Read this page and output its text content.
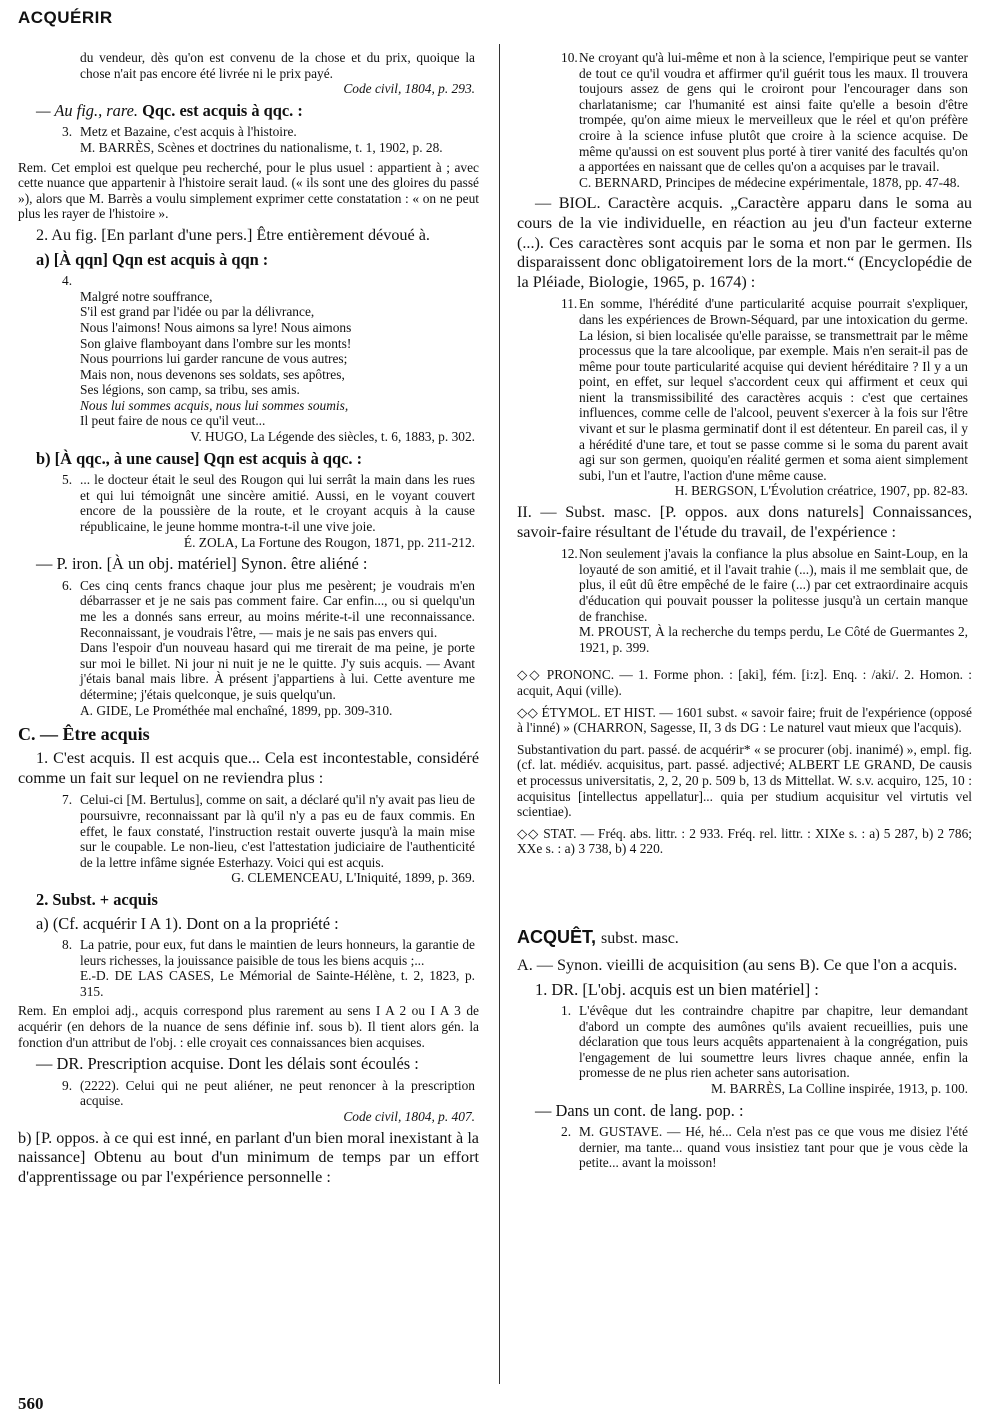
ACQUÉRIR
du vendeur, dès qu'on est convenu de la chose et du prix, quoique la chose n'ait pas encore été livrée ni le prix payé.
Code civil, 1804, p. 293.
— Au fig., rare. Qqc. est acquis à qqc. :
3. Metz et Bazaine, c'est acquis à l'histoire.
M. BARRÈS, Scènes et doctrines du nationalisme, t. 1, 1902, p. 28.
Rem. Cet emploi est quelque peu recherché, pour le plus usuel : appartient à ; avec cette nuance que appartenir à l'histoire serait laud. (« ils sont une des gloires du passé »), alors que M. Barrès a voulu simplement exprimer cette constatation : « on ne peut plus les rayer de l'histoire ».
2. Au fig. [En parlant d'une pers.] Être entièrement dévoué à.
a) [À qqn] Qqn est acquis à qqn :
4.
Malgré notre souffrance,
S'il est grand par l'idée ou par la délivrance,
Nous l'aimons! Nous aimons sa lyre! Nous aimons
Son glaive flamboyant dans l'ombre sur les monts!
Nous pourrions lui garder rancune de vous autres;
Mais non, nous devenons ses soldats, ses apôtres,
Ses légions, son camp, sa tribu, ses amis.
Nous lui sommes acquis, nous lui sommes soumis,
Il peut faire de nous ce qu'il veut...
V. HUGO, La Légende des siècles, t. 6, 1883, p. 302.
b) [À qqc., à une cause] Qqn est acquis à qqc. :
5. ... le docteur était le seul des Rougon qui lui serrât la main dans les rues et qui lui témoignât une sincère amitié. Aussi, en le voyant couvert encore de la poussière de la route, et le croyant acquis à la cause républicaine, le jeune homme montra-t-il une vive joie.
É. ZOLA, La Fortune des Rougon, 1871, pp. 211-212.
— P. iron. [À un obj. matériel] Synon. être aliéné :
6. Ces cinq cents francs chaque jour plus me pesèrent; je voudrais m'en débarrasser et je ne sais pas comment faire. Car enfin..., ou si quelqu'un me les a donnés sans erreur, au moins mérite-t-il une reconnaissance. Reconnaissant, je voudrais l'être, — mais je ne sais pas envers qui.
Dans l'espoir d'un nouveau hasard qui me tirerait de ma peine, je porte sur moi le billet. Ni jour ni nuit je ne le quitte. J'y suis acquis. — Avant j'étais banal mais libre. À présent j'appartiens à lui. Cette aventure me détermine; j'étais quelconque, je suis quelqu'un.
A. GIDE, Le Prométhée mal enchaîné, 1899, pp. 309-310.
C. — Être acquis
1. C'est acquis. Il est acquis que... Cela est incontestable, considéré comme un fait sur lequel on ne reviendra plus :
7. Celui-ci [M. Bertulus], comme on sait, a déclaré qu'il n'y avait pas lieu de poursuivre, reconnaissant par là qu'il n'y a pas eu de faux commis. En effet, le faux constaté, l'instruction restait ouverte jusqu'à la main mise sur le coupable. Le non-lieu, c'est l'attestation judiciaire de l'authenticité de la lettre infâme signée Esterhazy. Voici qui est acquis.
G. CLEMENCEAU, L'Iniquité, 1899, p. 369.
2. Subst. + acquis
a) (Cf. acquérir I A 1). Dont on a la propriété :
8. La patrie, pour eux, fut dans le maintien de leurs honneurs, la garantie de leurs richesses, la jouissance paisible de tous les biens acquis ;...
E.-D. DE LAS CASES, Le Mémorial de Sainte-Hélène, t. 2, 1823, p. 315.
Rem. En emploi adj., acquis correspond plus rarement au sens I A 2 ou I A 3 de acquérir (en dehors de la nuance de sens définie inf. sous b). Il tient alors gén. la fonction d'un attribut de l'obj. : elle croyait ces connaissances bien acquises.
— DR. Prescription acquise. Dont les délais sont écoulés :
9. (2222). Celui qui ne peut aliéner, ne peut renoncer à la prescription acquise.
Code civil, 1804, p. 407.
b) [P. oppos. à ce qui est inné, en parlant d'un bien moral inexistant à la naissance] Obtenu au bout d'un minimum de temps par un effort d'apprentissage ou par l'expérience personnelle :
10.Ne croyant qu'à lui-même et non à la science, l'empirique peut se vanter de tout ce qu'il voudra et affirmer qu'il guérit tous les maux. Il trouvera toujours assez de gens qui le croiront pour l'encourager dans son charlatanisme; car l'humanité est ainsi faite qu'elle a besoin d'être trompée, qu'on aime mieux le merveilleux que le réel et qu'on préfère croire à la science infuse plutôt que croire à la science acquise. De même qu'aussi on est souvent plus porté à tirer vanité des facultés qu'on a apportées en naissant que de celles qu'on a acquises par le travail.
C. BERNARD, Principes de médecine expérimentale, 1878, pp. 47-48.
— BIOL. Caractère acquis. „Caractère apparu dans le soma au cours de la vie individuelle, en réaction au jeu d'un facteur externe (...). Ces caractères sont acquis par le soma et non par le germen. Ils disparaissent donc obligatoirement lors de la mort.“ (Encyclopédie de la Pléiade, Biologie, 1965, p. 1674) :
11. En somme, l'hérédité d'une particularité acquise pourrait s'expliquer, dans les expériences de Brown-Séquard, par une intoxication du germe. La lésion, si bien localisée qu'elle paraisse, se transmettrait par le même processus que la tare alcoolique, par exemple. Mais n'en serait-il pas de même pour toute particularité acquise qui devient héréditaire ? Il y a un point, en effet, sur lequel s'accordent ceux qui affirment et ceux qui nient la transmissibilité des caractères acquis : c'est que certaines influences, comme celle de l'alcool, peuvent s'exercer à la fois sur l'être vivant et sur le plasma germinatif dont il est détenteur. En pareil cas, il y a hérédité d'une tare, et tout se passe comme si le soma du parent avait agi sur son germen, quoiqu'en réalité germen et soma aient simplement subi, l'un et l'autre, l'action d'une même cause.
H. BERGSON, L'Évolution créatrice, 1907, pp. 82-83.
II. — Subst. masc. [P. oppos. aux dons naturels] Connaissances, savoir-faire résultant de l'étude du travail, de l'expérience :
12.Non seulement j'avais la confiance la plus absolue en Saint-Loup, en la loyauté de son amitié, et il l'avait trahie (...), mais il me semblait que, de plus, il eût dû être empêché de le faire (...) par cet extraordinaire acquis d'éducation qui pouvait pousser la politesse jusqu'à un certain manque de franchise.
M. PROUST, À la recherche du temps perdu, Le Côté de Guermantes 2, 1921, p. 399.
◇◇ PRONONC. — 1. Forme phon. : [aki], fém. [i:z]. Enq. : /aki/. 2. Homon. : acquit, Aqui (ville).
◇◇ ÉTYMOL. ET HIST. — 1601 subst. « savoir faire; fruit de l'expérience (opposé à l'inné) » (CHARRON, Sagesse, II, 3 ds DG : Le naturel vaut mieux que l'acquis).
Substantivation du part. passé. de acquérir* « se procurer (obj. inanimé) », empl. fig. (cf. lat. médiév. acquisitus, part. passé. adjectivé; ALBERT LE GRAND, De causis et processus universitatis, 2, 2, 20 p. 509 b, 13 ds Mittellat. W. s.v. acquiro, 125, 10 : acquisitus [intellectus appellatur]... quia per studium acquisitur vel virtutis vel scientiae).
◇◇ STAT. — Fréq. abs. littr. : 2 933. Fréq. rel. littr. : XIXe s. : a) 5 287, b) 2 786; XXe s. : a) 3 738, b) 4 220.
ACQUÊT, subst. masc.
A. — Synon. vieilli de acquisition (au sens B). Ce que l'on a acquis.
1. DR. [L'obj. acquis est un bien matériel] :
1. L'évêque dut les contraindre chapitre par chapitre, leur demandant d'abord un compte des aumônes qu'ils avaient recueillies, puis une déclaration que tous leurs acquêts appartenaient à la congrégation, puis l'engagement de lui soumettre leurs livres chaque année, enfin la promesse de ne plus rien acheter sans autorisation.
M. BARRÈS, La Colline inspirée, 1913, p. 100.
— Dans un cont. de lang. pop. :
2. M. GUSTAVE. — Hé, hé... Cela n'est pas ce que vous me disiez l'été dernier, ma tante... quand vous insistiez tant pour que je vous cède la petite... avant la moisson!
560
